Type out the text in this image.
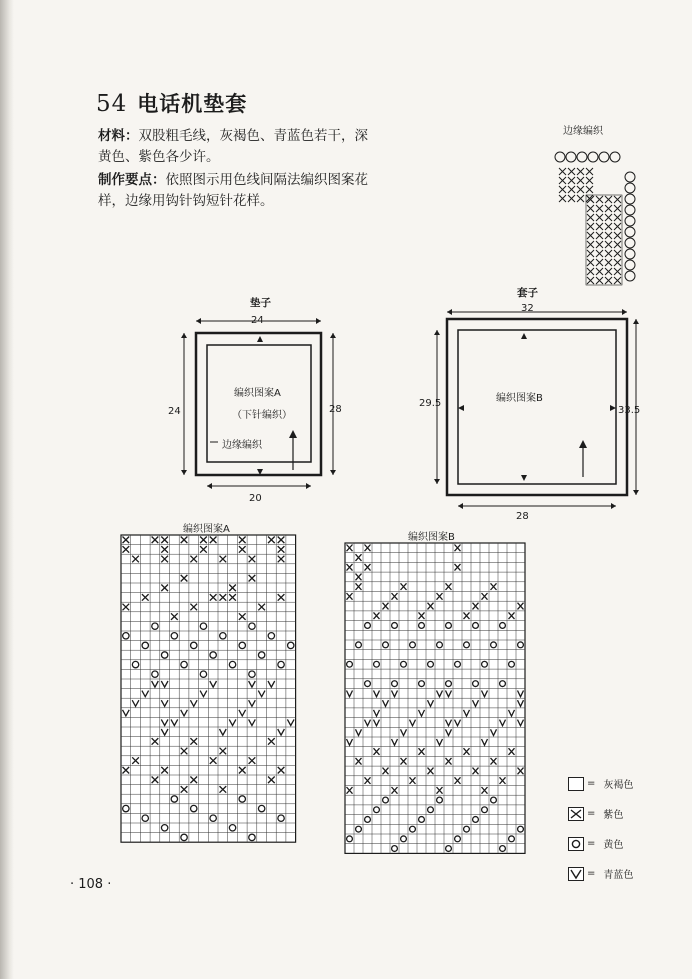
54 电话机垫套
材料：双股粗毛线，灰褐色、青蓝色若干，深黄色、紫色各少许。
制作要点：依照图示用色线间隔法编织图案花样，边缘用钩针钩短针花样。
边缘编织
垫子
24
24	28
20
编织图案A
（下针编织）
边缘编织
套子
32
29.5
33.5
28
编织图案B
编织图案A
编织图案B
= 灰褐色
= 紫色
= 黄色
= 青蓝色
· 108 ·
